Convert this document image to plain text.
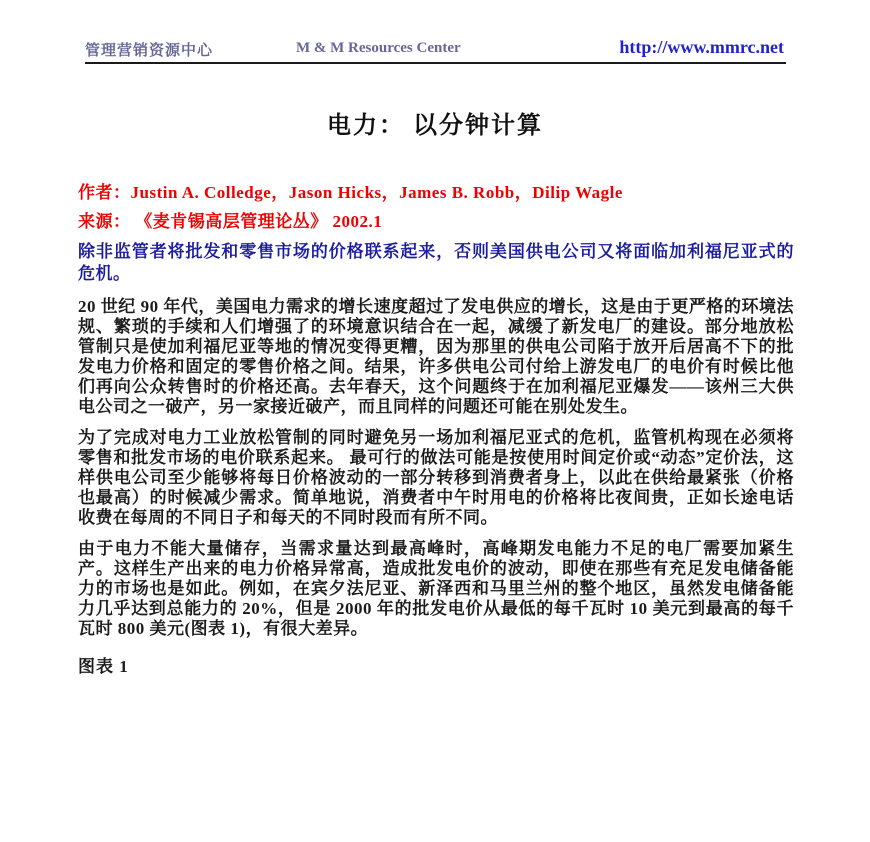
管理营销资源中心	M & M Resources Center	http://www.mmrc.net
电力： 以分钟计算

作者：Justin A. Colledge，Jason Hicks，James B. Robb，Dilip Wagle

来源： 《麦肯锡高层管理论丛》 2002.1

除非监管者将批发和零售市场的价格联系起来，否则美国供电公司又将面临加利福尼亚式的危机。

20 世纪 90 年代，美国电力需求的增长速度超过了发电供应的增长，这是由于更严格的环境法规、繁琐的手续和人们增强了的环境意识结合在一起，减缓了新发电厂的建设。部分地放松管制只是使加利福尼亚等地的情况变得更糟，因为那里的供电公司陷于放开后居高不下的批发电力价格和固定的零售价格之间。结果，许多供电公司付给上游发电厂的电价有时候比他们再向公众转售时的价格还高。去年春天，这个问题终于在加利福尼亚爆发——该州三大供电公司之一破产，另一家接近破产，而且同样的问题还可能在别处发生。

为了完成对电力工业放松管制的同时避免另一场加利福尼亚式的危机，监管机构现在必须将零售和批发市场的电价联系起来。 最可行的做法可能是按使用时间定价或“动态”定价法，这样供电公司至少能够将每日价格波动的一部分转移到消费者身上，以此在供给最紧张（价格也最高）的时候减少需求。简单地说，消费者中午时用电的价格将比夜间贵，正如长途电话收费在每周的不同日子和每天的不同时段而有所不同。

由于电力不能大量储存，当需求量达到最高峰时，高峰期发电能力不足的电厂需要加紧生产。这样生产出来的电力价格异常高，造成批发电价的波动，即使在那些有充足发电储备能力的市场也是如此。例如，在宾夕法尼亚、新泽西和马里兰州的整个地区，虽然发电储备能力几乎达到总能力的 20%，但是 2000 年的批发电价从最低的每千瓦时 10 美元到最高的每千瓦时 800 美元(图表 1)，有很大差异。

图表 1
